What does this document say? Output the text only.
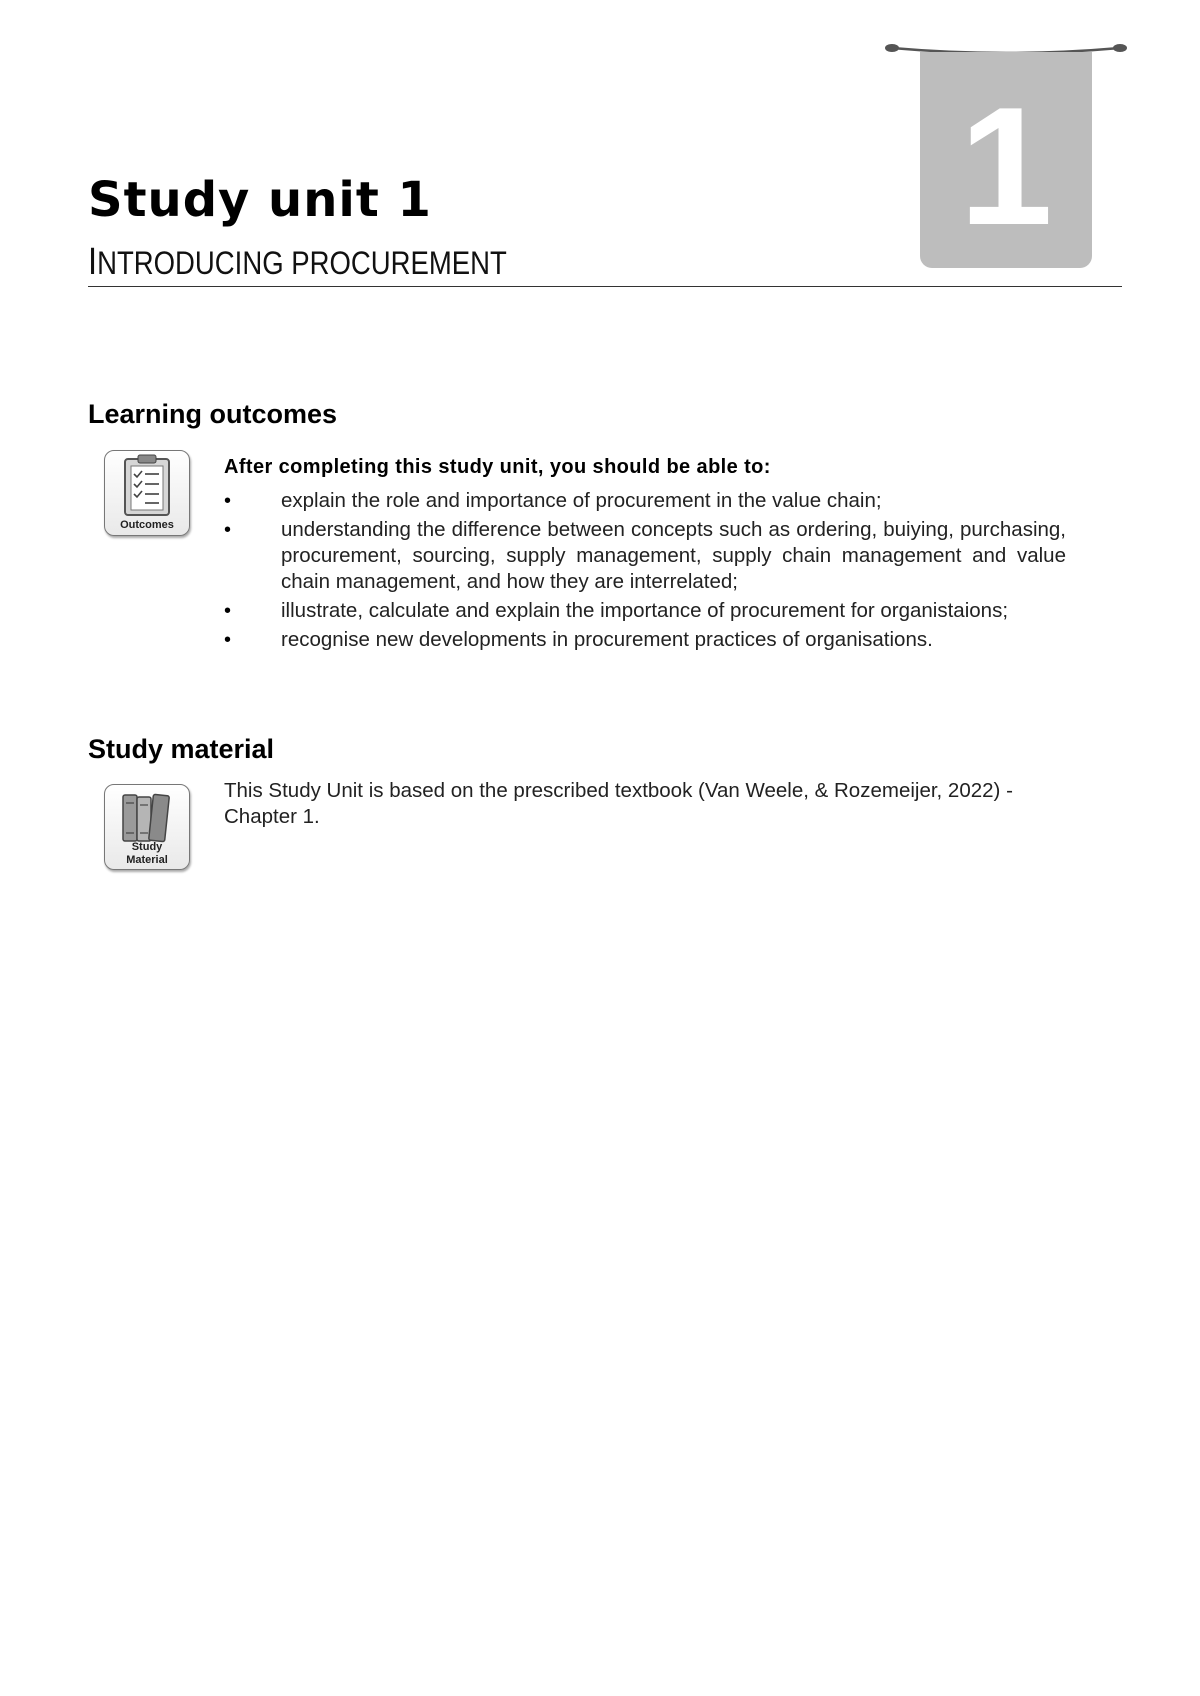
1
Study unit 1
INTRODUCING PROCUREMENT
Learning outcomes
Outcomes

After completing this study unit, you should be able to:

• explain the role and importance of procurement in the value chain;
• understanding the difference between concepts such as ordering, buiying, purchasing, procurement, sourcing, supply management, supply chain management and value chain management, and how they are interrelated;
• illustrate, calculate and explain the importance of procurement for organistaions;
• recognise new developments in procurement practices of organisations.
Study material
Study
Material

This Study Unit is based on the prescribed textbook (Van Weele, & Rozemeijer, 2022) - Chapter 1.
